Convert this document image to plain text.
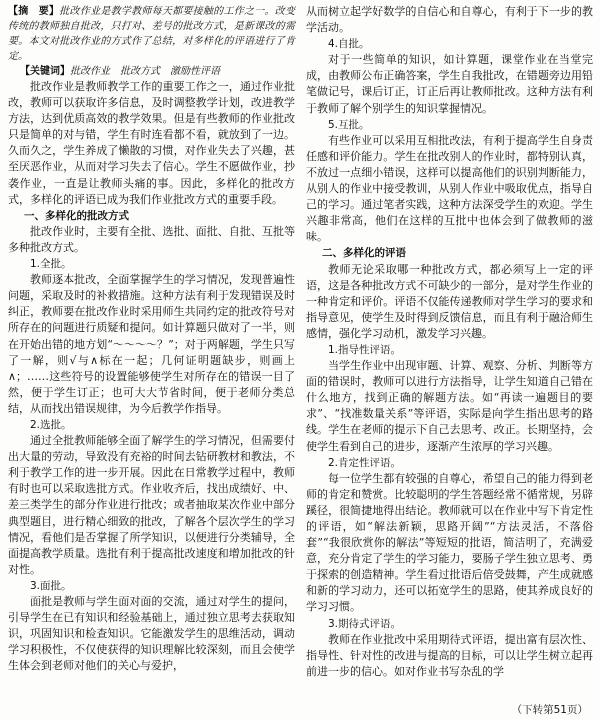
【摘　要】批改作业是教学教师每天都要接触的工作之一。改变传统的教师独自批改，只打对、差号的批改方式，是新课改的需要。本文对批改作业的方式作了总结，对多样化的评语进行了肯定。

【关键词】批改作业　批改方式　激励性评语

批改作业是教师教学工作的重要工作之一，通过作业批改，教师可以获取许多信息，及时调整教学计划，改进教学方法，达到优质高效的教学效果。但是有些教师的作业批改只是简单的对与错，学生有时连看都不看，就放到了一边。久而久之，学生养成了懒散的习惯，对作业失去了兴趣，甚至厌恶作业，从而对学习失去了信心。学生不愿做作业，抄袭作业，一直是让教师头痛的事。因此，多样化的批改方式，多样化的评语已成为我们作业批改方式的重要手段。

一、多样化的批改方式

批改作业时，主要有全批、选批、面批、自批、互批等多种批改方式。

1.全批。

教师逐本批改，全面掌握学生的学习情况，发现普遍性问题，采取及时的补救措施。这种方法有利于发现错误及时纠正，教师要在批改作业时采用师生共同约定的批改符号对所存在的问题进行质疑和提问。如计算题只做对了一半，则在开始出错的地方划“～～～～？”；对于两解题，学生只写了一解，则√与∧标在一起；几何证明题缺步，则画上∧；……这些符号的设置能够使学生对所存在的错误一目了然，便于学生订正；也可大大节省时间，便于老师分类总结，从而找出错误规律，为今后教学作指导。

2.选批。

通过全批教师能够全面了解学生的学习情况，但需要付出大量的劳动，导致没有充裕的时间去钻研教材和教法，不利于教学工作的进一步开展。因此在日常教学过程中，教师有时也可以采取选批方式。作业收齐后，找出成绩好、中、差三类学生的部分作业进行批改；或者抽取某次作业中部分典型题目，进行精心细致的批改，了解各个层次学生的学习情况，看他们是否掌握了所学知识，以便进行分类辅导，全面提高教学质量。选批有利于提高批改速度和增加批改的针对性。

3.面批。

面批是教师与学生面对面的交流，通过对学生的提问，引导学生在已有知识和经验基础上，通过独立思考去获取知识，巩固知识和检查知识。它能激发学生的思维活动，调动学习积极性，不仅使获得的知识理解比较深刻，而且会使学生体会到老师对他们的关心与爱护，

从而树立起学好数学的自信心和自尊心，有利于下一步的教学活动。

4.自批。

对于一些简单的知识，如计算题，课堂作业在当堂完成，由教师公布正确答案，学生自我批改，在错题旁边用铅笔做记号，课后订正，订正后再让教师批改。这种方法有利于教师了解个别学生的知识掌握情况。

5.互批。

有些作业可以采用互相批改法，有利于提高学生自身责任感和评价能力。学生在批改别人的作业时，都特别认真，不放过一点细小错误，这样可以提高他们的识别判断能力，从别人的作业中接受教训，从别人作业中吸取优点，指导自己的学习。通过笔者实践，这种方法深受学生的欢迎。学生兴趣非常高，他们在这样的互批中也体会到了做教师的滋味。

二、多样化的评语

教师无论采取哪一种批改方式，都必须写上一定的评语，这是各种批改方式不可缺少的一部分，是对学生作业的一种肯定和评价。评语不仅能传递教师对学生学习的要求和指导意见，使学生及时得到反馈信息，而且有利于融洽师生感情，强化学习动机，激发学习兴趣。

1.指导性评语。

当学生作业中出现审题、计算、观察、分析、判断等方面的错误时，教师可以进行方法指导，让学生知道自己错在什么地方，找到正确的解题方法。如“再读一遍题目的要求”、“找准数量关系”等评语，实际是向学生指出思考的路线。学生在老师的提示下自己去思考、改正。长期坚持，会使学生看到自己的进步，逐渐产生浓厚的学习兴趣。

2.肯定性评语。

每一位学生都有较强的自尊心，希望自己的能力得到老师的肯定和赞赏。比较聪明的学生答题经常不循常规，另辟蹊径，很简捷地得出结论。教师就可以在作业中写下肯定性的评语，如“解法新颖，思路开阔”“方法灵活，不落俗套”“我很欣赏你的解法”等短短的批语，简洁明了，充满爱意，充分肯定了学生的学习能力，要肠子学生独立思考、勇于探索的创造精神。学生看过批语后倍受鼓舞，产生成就感和新的学习动力，还可以拓宽学生的思路，使其养成良好的学习习惯。

3.期待式评语。

教师在作业批改中采用期待式评语，提出富有层次性、指导性、针对性的改进与提高的目标，可以让学生树立起再前进一步的信心。如对作业书写杂乱的学

（下转第51页）
